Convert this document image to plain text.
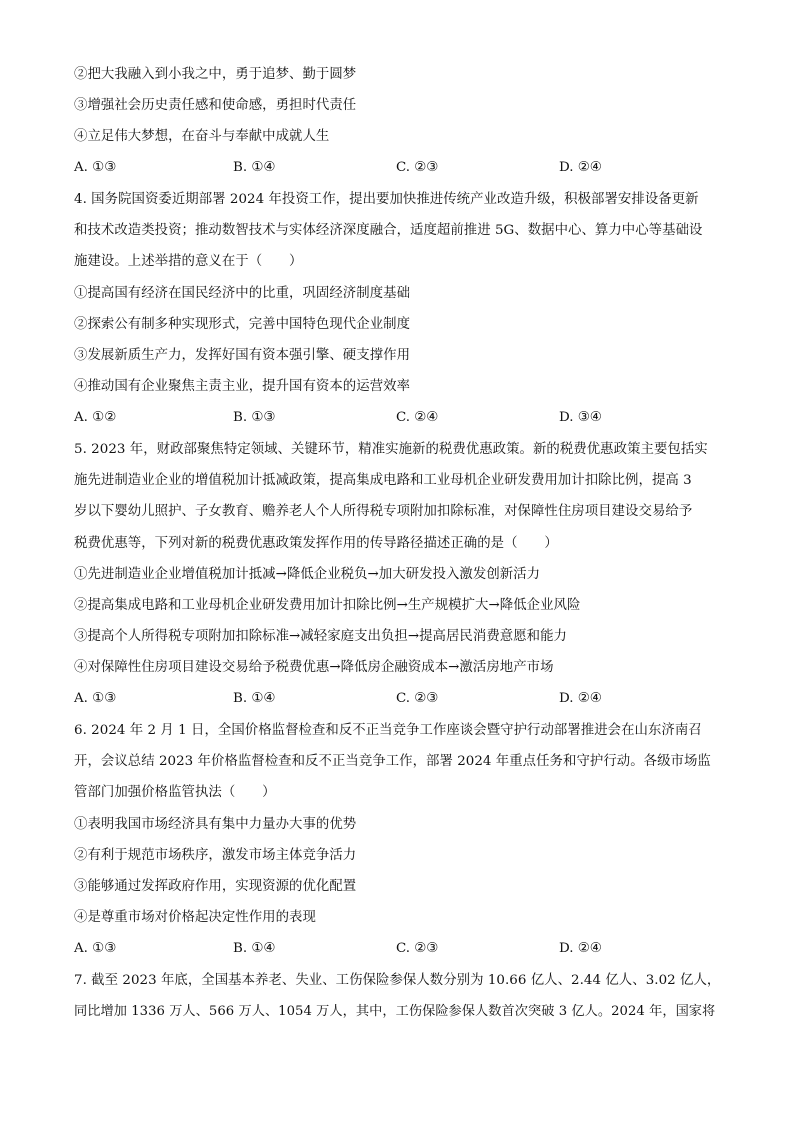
②把大我融入到小我之中，勇于追梦、勤于圆梦
③增强社会历史责任感和使命感，勇担时代责任
④立足伟大梦想，在奋斗与奉献中成就人生
A. ①③	B. ①④	C. ②③	D. ②④
4. 国务院国资委近期部署 2024 年投资工作，提出要加快推进传统产业改造升级，积极部署安排设备更新
和技术改造类投资；推动数智技术与实体经济深度融合，适度超前推进 5G、数据中心、算力中心等基础设
施建设。上述举措的意义在于（　　）
①提高国有经济在国民经济中的比重，巩固经济制度基础
②探索公有制多种实现形式，完善中国特色现代企业制度
③发展新质生产力，发挥好国有资本强引擎、硬支撑作用
④推动国有企业聚焦主责主业，提升国有资本的运营效率
A. ①②	B. ①③	C. ②④	D. ③④
5. 2023 年，财政部聚焦特定领域、关键环节，精准实施新的税费优惠政策。新的税费优惠政策主要包括实
施先进制造业企业的增值税加计抵减政策，提高集成电路和工业母机企业研发费用加计扣除比例，提高 3
岁以下婴幼儿照护、子女教育、赡养老人个人所得税专项附加扣除标准，对保障性住房项目建设交易给予
税费优惠等，下列对新的税费优惠政策发挥作用的传导路径描述正确的是（　　）
①先进制造业企业增值税加计抵减→降低企业税负→加大研发投入激发创新活力
②提高集成电路和工业母机企业研发费用加计扣除比例→生产规模扩大→降低企业风险
③提高个人所得税专项附加扣除标准→减轻家庭支出负担→提高居民消费意愿和能力
④对保障性住房项目建设交易给予税费优惠→降低房企融资成本→激活房地产市场
A. ①③	B. ①④	C. ②③	D. ②④
6. 2024 年 2 月 1 日，全国价格监督检查和反不正当竞争工作座谈会暨守护行动部署推进会在山东济南召
开，会议总结 2023 年价格监督检查和反不正当竞争工作，部署 2024 年重点任务和守护行动。各级市场监
管部门加强价格监管执法（　　）
①表明我国市场经济具有集中力量办大事的优势
②有利于规范市场秩序，激发市场主体竞争活力
③能够通过发挥政府作用，实现资源的优化配置
④是尊重市场对价格起决定性作用的表现
A. ①③	B. ①④	C. ②③	D. ②④
7. 截至 2023 年底，全国基本养老、失业、工伤保险参保人数分别为 10.66 亿人、2.44 亿人、3.02 亿人，
同比增加 1336 万人、566 万人、1054 万人，其中，工伤保险参保人数首次突破 3 亿人。2024 年，国家将
